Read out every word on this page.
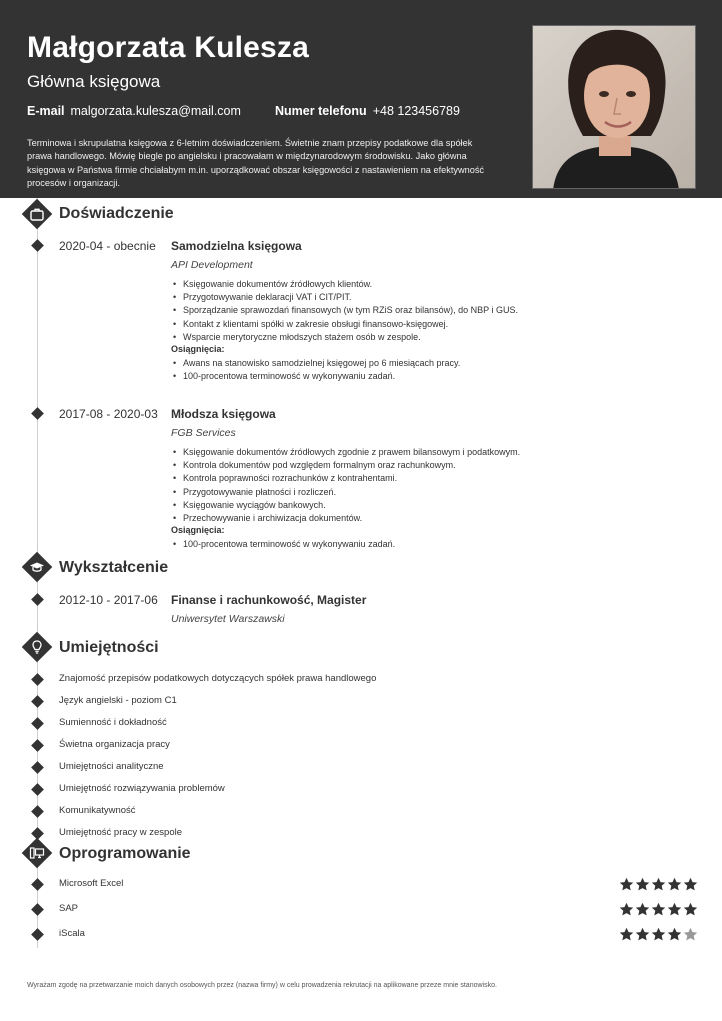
Małgorzata Kulesza
Główna księgowa
E-mail malgorzata.kulesza@mail.com	Numer telefonu +48 123456789
Terminowa i skrupulatna księgowa z 6-letnim doświadczeniem. Świetnie znam przepisy podatkowe dla spółek prawa handlowego. Mówię biegle po angielsku i pracowałam w międzynarodowym środowisku. Jako główna księgowa w Państwa firmie chciałabym m.in. uporządkować obszar księgowości z nastawieniem na efektywność procesów i organizacji.
Doświadczenie
2020-04 - obecnie Samodzielna księgowa
API Development
• Księgowanie dokumentów źródłowych klientów.
• Przygotowywanie deklaracji VAT i CIT/PIT.
• Sporządzanie sprawozdań finansowych (w tym RZiS oraz bilansów), do NBP i GUS.
• Kontakt z klientami spółki w zakresie obsługi finansowo-księgowej.
• Wsparcie merytoryczne młodszych stażem osób w zespole.
Osiągnięcia:
• Awans na stanowisko samodzielnej księgowej po 6 miesiącach pracy.
• 100-procentowa terminowość w wykonywaniu zadań.
2017-08 - 2020-03 Młodsza księgowa
FGB Services
• Księgowanie dokumentów źródłowych zgodnie z prawem bilansowym i podatkowym.
• Kontrola dokumentów pod względem formalnym oraz rachunkowym.
• Kontrola poprawności rozrachunków z kontrahentami.
• Przygotowywanie płatności i rozliczeń.
• Księgowanie wyciągów bankowych.
• Przechowywanie i archiwizacja dokumentów.
Osiągnięcia:
• 100-procentowa terminowość w wykonywaniu zadań.
Wykształcenie
2012-10 - 2017-06 Finanse i rachunkowość, Magister
Uniwersytet Warszawski
Umiejętności
Znajomość przepisów podatkowych dotyczących spółek prawa handlowego
Język angielski - poziom C1
Sumienność i dokładność
Świetna organizacja pracy
Umiejętności analityczne
Umiejętność rozwiązywania problemów
Komunikatywność
Umiejętność pracy w zespole
Oprogramowanie
Microsoft Excel
SAP
iScala
Wyrażam zgodę na przetwarzanie moich danych osobowych przez (nazwa firmy) w celu prowadzenia rekrutacji na aplikowane przeze mnie stanowisko.
